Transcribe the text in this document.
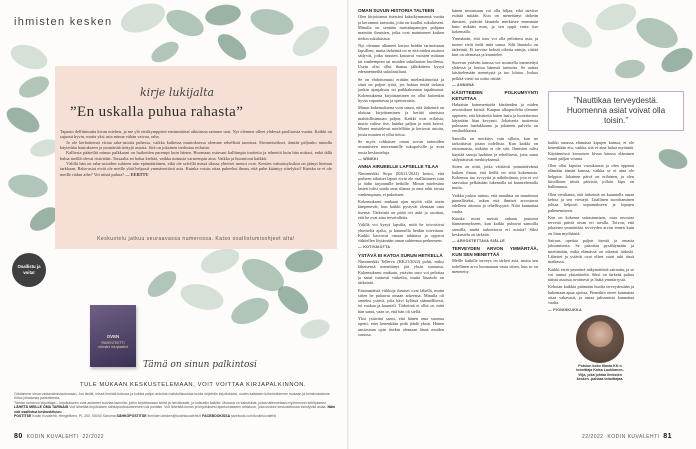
ihmisten kesken
kirje lukijalta
”En uskalla puhua rahasta”

Tapasin delfiiniuutta kivan miehen, ja me ylä viisikymppiset ensimmäiset aikuisena saimme urat. Nyt olemme olleet yhdessä puolitoista vuotta. Kaikki on sujunut hyvin, mutta yksi asia minua vähän vaivaa, raha.

Jo ole kerhaitemat virtaa raha-asioita puhessa, vaikka kaikessa muutoksessa olemme rehellisiä tunnissa. Eiminetseiksei, ääntää paljonko minulla käytetään hautukseen ja ymmärtää tiettyjä asioita. Sitä on jokainen tiedostaa erilaisia.

Kalliesta pääteiltä minun palkkaani on huikeiden parempi kuin hänen. Huomaan ostavani kalliimpia tuotteita ja tehneitä kuin hän mittasi, enkä tällä halua meillä olevat ristiriidat. Toisaalta en halua kieltää, vaikka minusta varmempin aina. Vaikka ja huomioon kaikkii.

Välillä hän on raha-asioiden suhteen niin epämääräinen, eikä ole selvillä missä tilassa yhteiset menot ovat. Kenties valmiusyksikin on jäänyt hieman tarkkaan. Raha-asiat eivät ole meille yhtä helposti ymmärrettävä asia. Kuinka voisin ottaa puheeksi ilman, että puhe kääntyy riitelyksi? Kuinka se ei ole meille riidan aihe? Voi niistä puhua? — EERTTU

Keskustelu jatkuu seuraavassa numerossa. Katso osallistumisohjeet alta!
Osallistu ja voita!
OVEN
RAVENTEETTI
elämäni rekrytaatiot
Tämä on sinun palkintosi
TULE MUKAAN KESKUSTELEMAAN, VOIT VOITTAA KIRJAPALKINNON.

Odotamme sinua vastavalmistautumaan. Jos tiedät, missä ihmisiä kutsuva ja kuinka paljon antoisia mahdollisuuksia tuoda ohjelmiin kirjoituksesi, uuden kaltaisen kokemuksenne mukaan ja toiminnastanne. Kiitos jokaisesta palautteesta.

Tämän numeron kirjoittajat – kirjoitukseen ovat antaneet suoriaa tarinoita, joihin kirjoittamaan sieltä ja nerokkaalle, ja kutsuttiin kaikille. Mukana on kaksituhat, joista tallennetaan myöhemmin kehitykseen.

LÄHETÄ MEILLE OMA TARINASI Voit lähettää kirjoituksen sähköpostiosoitteeseen tai postitse. Voit lähettää kuvan ja kirjoituksesi ajankohtaiseen arkistoon, joka koskee keskustelussa esiintyvää asiaa. Näin voit osallistua keskusteluun:

POSTITSE Kodin Kuvalehti, Hengellinen, PL 200, 00040 Sanoma SÄHKÖPOSTITSE ihmisten.kesken@kodinkuvalehti.fi FACEBOOKISSA facebook.com/kodinkuvalehti

80 KODIN KUVALEHTI 22/2022
OMAN SUVUN HISTORIA TALTEEN

Olen kirjoittanut itsestäni kaksikymmentä vuotta ja kerrannut tarinoita, joita on kuullut sukulaiseni. Minulla on sentään muistiinpanojen pohjana mainittu ihmisten, jotka ovat maininneet kaiken tiedon sukulaisista.

Nyt olemme alkaneet kertoa heidän tarinoistaan lapsilleni, mutta tärkeintä on se että niiden muistot säilyvät, jotka muuten katoavat vuosien mittaan tai vanhempien tai muiden sukulaisten kuollessa. Usein olisi ollut ihanaa jälkikäteen kysyä edesmenneiltä sukulaisiltani.

Se on ehdottomasti erittäin mielenkiintoista ja siinä on paljon työtä, jos haluaa tietää tarkasti jonkin ajanjakson tai paikkakunnan tapahtumat. Kokemuksena kirjoittaminen on ollut kuitenkin hyvin vapauttavaa ja opettavaista.

Minun kokemuksena voin sanoa, että tärkeintä on aloittaa kirjoittaminen ja kerätä aineistoa mahdollisimman paljon. Kaikki ovat erilaisia, mutta valitse itse, kuinka paljon ja mitä kerrot. Monet muistelevat mielellään ja kertovat asioita, joista muuten ei ollut tietoa.

Se myös rohkaisee oman suvun tarinoiden avaamiseen nuoremmille sukupolville ja avaa uusia keskusteluja.

— WINKKI

ANNA AIRUEELLE LAPSELLE TILAA

Nimimerkki Sirpa (KK21/2022) kertoi, että perheen aikuiset lapset eivät ole osallistuneet isän ja äidin tarjoamille hetkille. Minun mielestäni lasten tulisi saada oma tilansa ja oma tahti tavata vanhempiaan, ei pakottaen.

Kokemukseni mukaan ajan myötä välit usein lämpenevät, kun kaikki pystyvät olemaan oma itsensä. Tärkeintä on pitää ovi auki ja osoittaa, että he ovat aina tervetulleita.

Välillä voi kysyä lapsilta, mitä he toivoisivat yhteiseltä ajalta, ja kuunnella heidän toiveitaan. Kaikki kasvavat omaan tahtiinsa ja oppivat vähitellen löytämään oman suhteensa perheeseen.

— KOTIVAIOTTA

YSTÄVÄ EI KATOA SURUN HETKELLÄ

Nimimerkki Tellervo (KK21/2022) pohti, miksi läheisensä menettänyt jää yksin suruunsa. Kokemukseni mukaan, ystävän suru voi pelottaa ja sanat tuntuvat vaikeilta, mutta läsnäolo on tärkeintä.

Ensimmäisiä viikkoja ihmiset ovat lähellä, mutta sitten he palaavat omaan arkeensa. Minulla oli onneksi ystävä, joka kävi kylässä säännöllisesti, toi ruokaa ja kuunteli. Tärkeintä ei ollut se, mitä hän sanoi, vaan se, että hän oli siellä.

Yksi ystäväni sanoi, että hänen oma surunsa opetti, ettei kenenkään pidä jäädä yksin. Hänen ansiostaan opin itsekin olemaan läsnä muiden surussa.

hänen seurassaan voi olla hiljaa, eikä tarvitse esittää mitään. Kun on menettänyt tärkeän ihmisen, ystävän läsnäolo merkitsee enemmän kuin mikään muu, ja sen oppii vasta itse kokemalla.

Ymmärrän, että suru voi olla pelottava asia, ja monet eivät tiedä mitä sanoa. Silti läsnäolo on tärkeintä. Ei tarvitse keksiä oikeita sanoja, riittää kun on olemassa ja kuuntelee.

Surevan ystävän kanssa voi muistella menetettyä yhdessä ja kertoa hänestä tarinoita. Se auttaa käsittelemään menetystä ja tuo lohtua. Joskus pelkkä viesti tai soitto riittää.

— ANNIINA

KÄSITTEIDEN POLKUMYYNTI KETUTTAA

Haluaisin kommentoida käsitteiden ja niiden arvostuksen kriisiä. Kaupan ulkopuolelta olemme oppineet, että käsitteitä kuten laatu ja luotettavuus käytetään liian kevyesti. Jokaisesta tuotteesta puhutaan laadukkaana ja jokainen palvelu on ensiluokkaista.

Sanoilla on merkitys vain silloin, kun ne tarkoittavat jotain todellista. Kun kaikki on erinomaista, mikään ei ole sitä. Ihmisten tulisi käyttää sanoja harkiten ja rehellisesti, jotta sanat säilyttäisivät merkityksensä.

Sitten on niitä, jotka väittävät ymmärtävänsä kaiken ilman, että heillä on siitä kokemusta. Kokemus tuo syvyyttä ja näkökulmaa, jota ei voi saavuttaa pelkästään lukemalla tai kuuntelemalla muita.

Vaikka joskus tuntuu, että maailma on muuttunut pinnalliseksi, uskon että ihmiset arvostavat edelleen aitoutta ja rehellisyyttä. Niitä kannattaa vaalia.

Kuinka moni meistä onkaan joutunut hämmennykseen, kun kaikki puhuvat samoilla sanoilla, mutta tarkoittavat eri asioita? Siksi keskustelu on tärkeää.

— ARVOSTETTAVA SIÄLLE

TERVEYDEN ARVON YMMÄRTÄÄ, KUN SEN MENETTÄÄ

Meille kaikille terveys on tärkeä asia, mutta sen todellinen arvo huomataan vasta sitten, kun se on menetetty.

kaikki omassa elämässä kipujen kanssa, ei ole kenenkään etu, vaikka sitä ei aina halua myöntää. Käytännössä kroonisen kivun kanssa eläminen vaatii paljon voimia.

Olen ollut kipuisa vuosikausia ja olen oppinut elämään tämän kanssa, vaikka se ei aina ole helppoa. Jokainen päivä on erilainen, ja olen kiitollinen niistä päivistä, jolloin kipu on hallinnassa.

Olen oivaltanut, että tärkeintä on kuunnella omaa kehoa ja sen viestejä. Liiallinen suorittaminen johtaa helposti uupumukseen ja kipujen pahenemiseen.

Kun on kokenut sairastumisen, osaa arvostaa terveitä päiviä aivan eri tavalla. Toivon, että jokainen ymmärtäisi terveyden arvon ennen kuin on liian myöhäistä.

Sairaus opettaa paljon itsestä ja omasta jaksamisesta. Se pakottaa pysähtymään ja miettimään, mikä elämässä on oikeasti tärkeää. Läheiset ja ystävät ovat olleet suuri tuki tässä matkassa.

Kaikki eivät ymmärrä näkymätöntä sairautta, ja se voi tuntua yksinäiseltä. Siksi on tärkeää puhua näistä asioista avoimesti ja lisätä ymmärrystä.

Kehotan kaikkia pitämään huolta terveydestään ja hakemaan apua ajoissa. Pienetkin oireet kannattaa ottaa vakavasti, ja omaa jaksamista kannattaa vaalia.

— PIONINKUKKA

”Nauttikaa terveydestä. Huomenna asiat voivat olla toisin.”
Potsiun koko tilasta KK:n toimittaja Kaisa Laukkanen-Vilja, joka johtaa Ihmisten kesken -palstaa toimittajaa.
22/2022 KODIN KUVALEHTI 81
